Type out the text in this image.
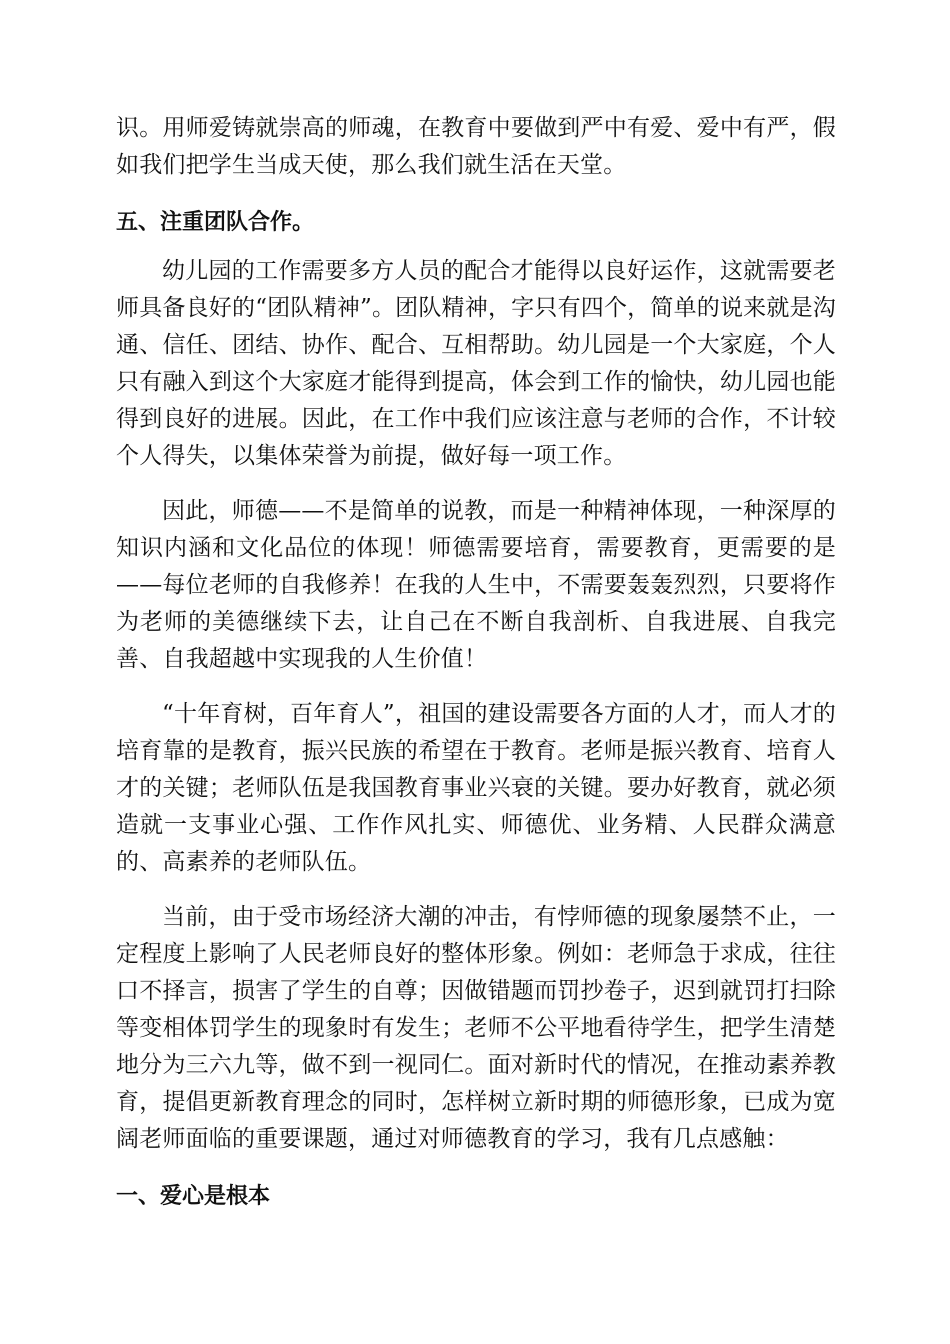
识。用师爱铸就崇高的师魂，在教育中要做到严中有爱、爱中有严，假如我们把学生当成天使，那么我们就生活在天堂。

五、注重团队合作。

幼儿园的工作需要多方人员的配合才能得以良好运作，这就需要老师具备良好的“团队精神”。团队精神，字只有四个，简单的说来就是沟通、信任、团结、协作、配合、互相帮助。幼儿园是一个大家庭，个人只有融入到这个大家庭才能得到提高，体会到工作的愉快，幼儿园也能得到良好的进展。因此，在工作中我们应该注意与老师的合作，不计较个人得失，以集体荣誉为前提，做好每一项工作。

因此，师德——不是简单的说教，而是一种精神体现，一种深厚的知识内涵和文化品位的体现！师德需要培育，需要教育，更需要的是——每位老师的自我修养！在我的人生中，不需要轰轰烈烈，只要将作为老师的美德继续下去，让自己在不断自我剖析、自我进展、自我完善、自我超越中实现我的人生价值！

“十年育树，百年育人”，祖国的建设需要各方面的人才，而人才的培育靠的是教育，振兴民族的希望在于教育。老师是振兴教育、培育人才的关键；老师队伍是我国教育事业兴衰的关键。要办好教育，就必须造就一支事业心强、工作作风扎实、师德优、业务精、人民群众满意的、高素养的老师队伍。

当前，由于受市场经济大潮的冲击，有悖师德的现象屡禁不止，一定程度上影响了人民老师良好的整体形象。例如：老师急于求成，往往口不择言，损害了学生的自尊；因做错题而罚抄卷子，迟到就罚打扫除等变相体罚学生的现象时有发生；老师不公平地看待学生，把学生清楚地分为三六九等，做不到一视同仁。面对新时代的情况，在推动素养教育，提倡更新教育理念的同时，怎样树立新时期的师德形象，已成为宽阔老师面临的重要课题，通过对师德教育的学习，我有几点感触：

一、爱心是根本
